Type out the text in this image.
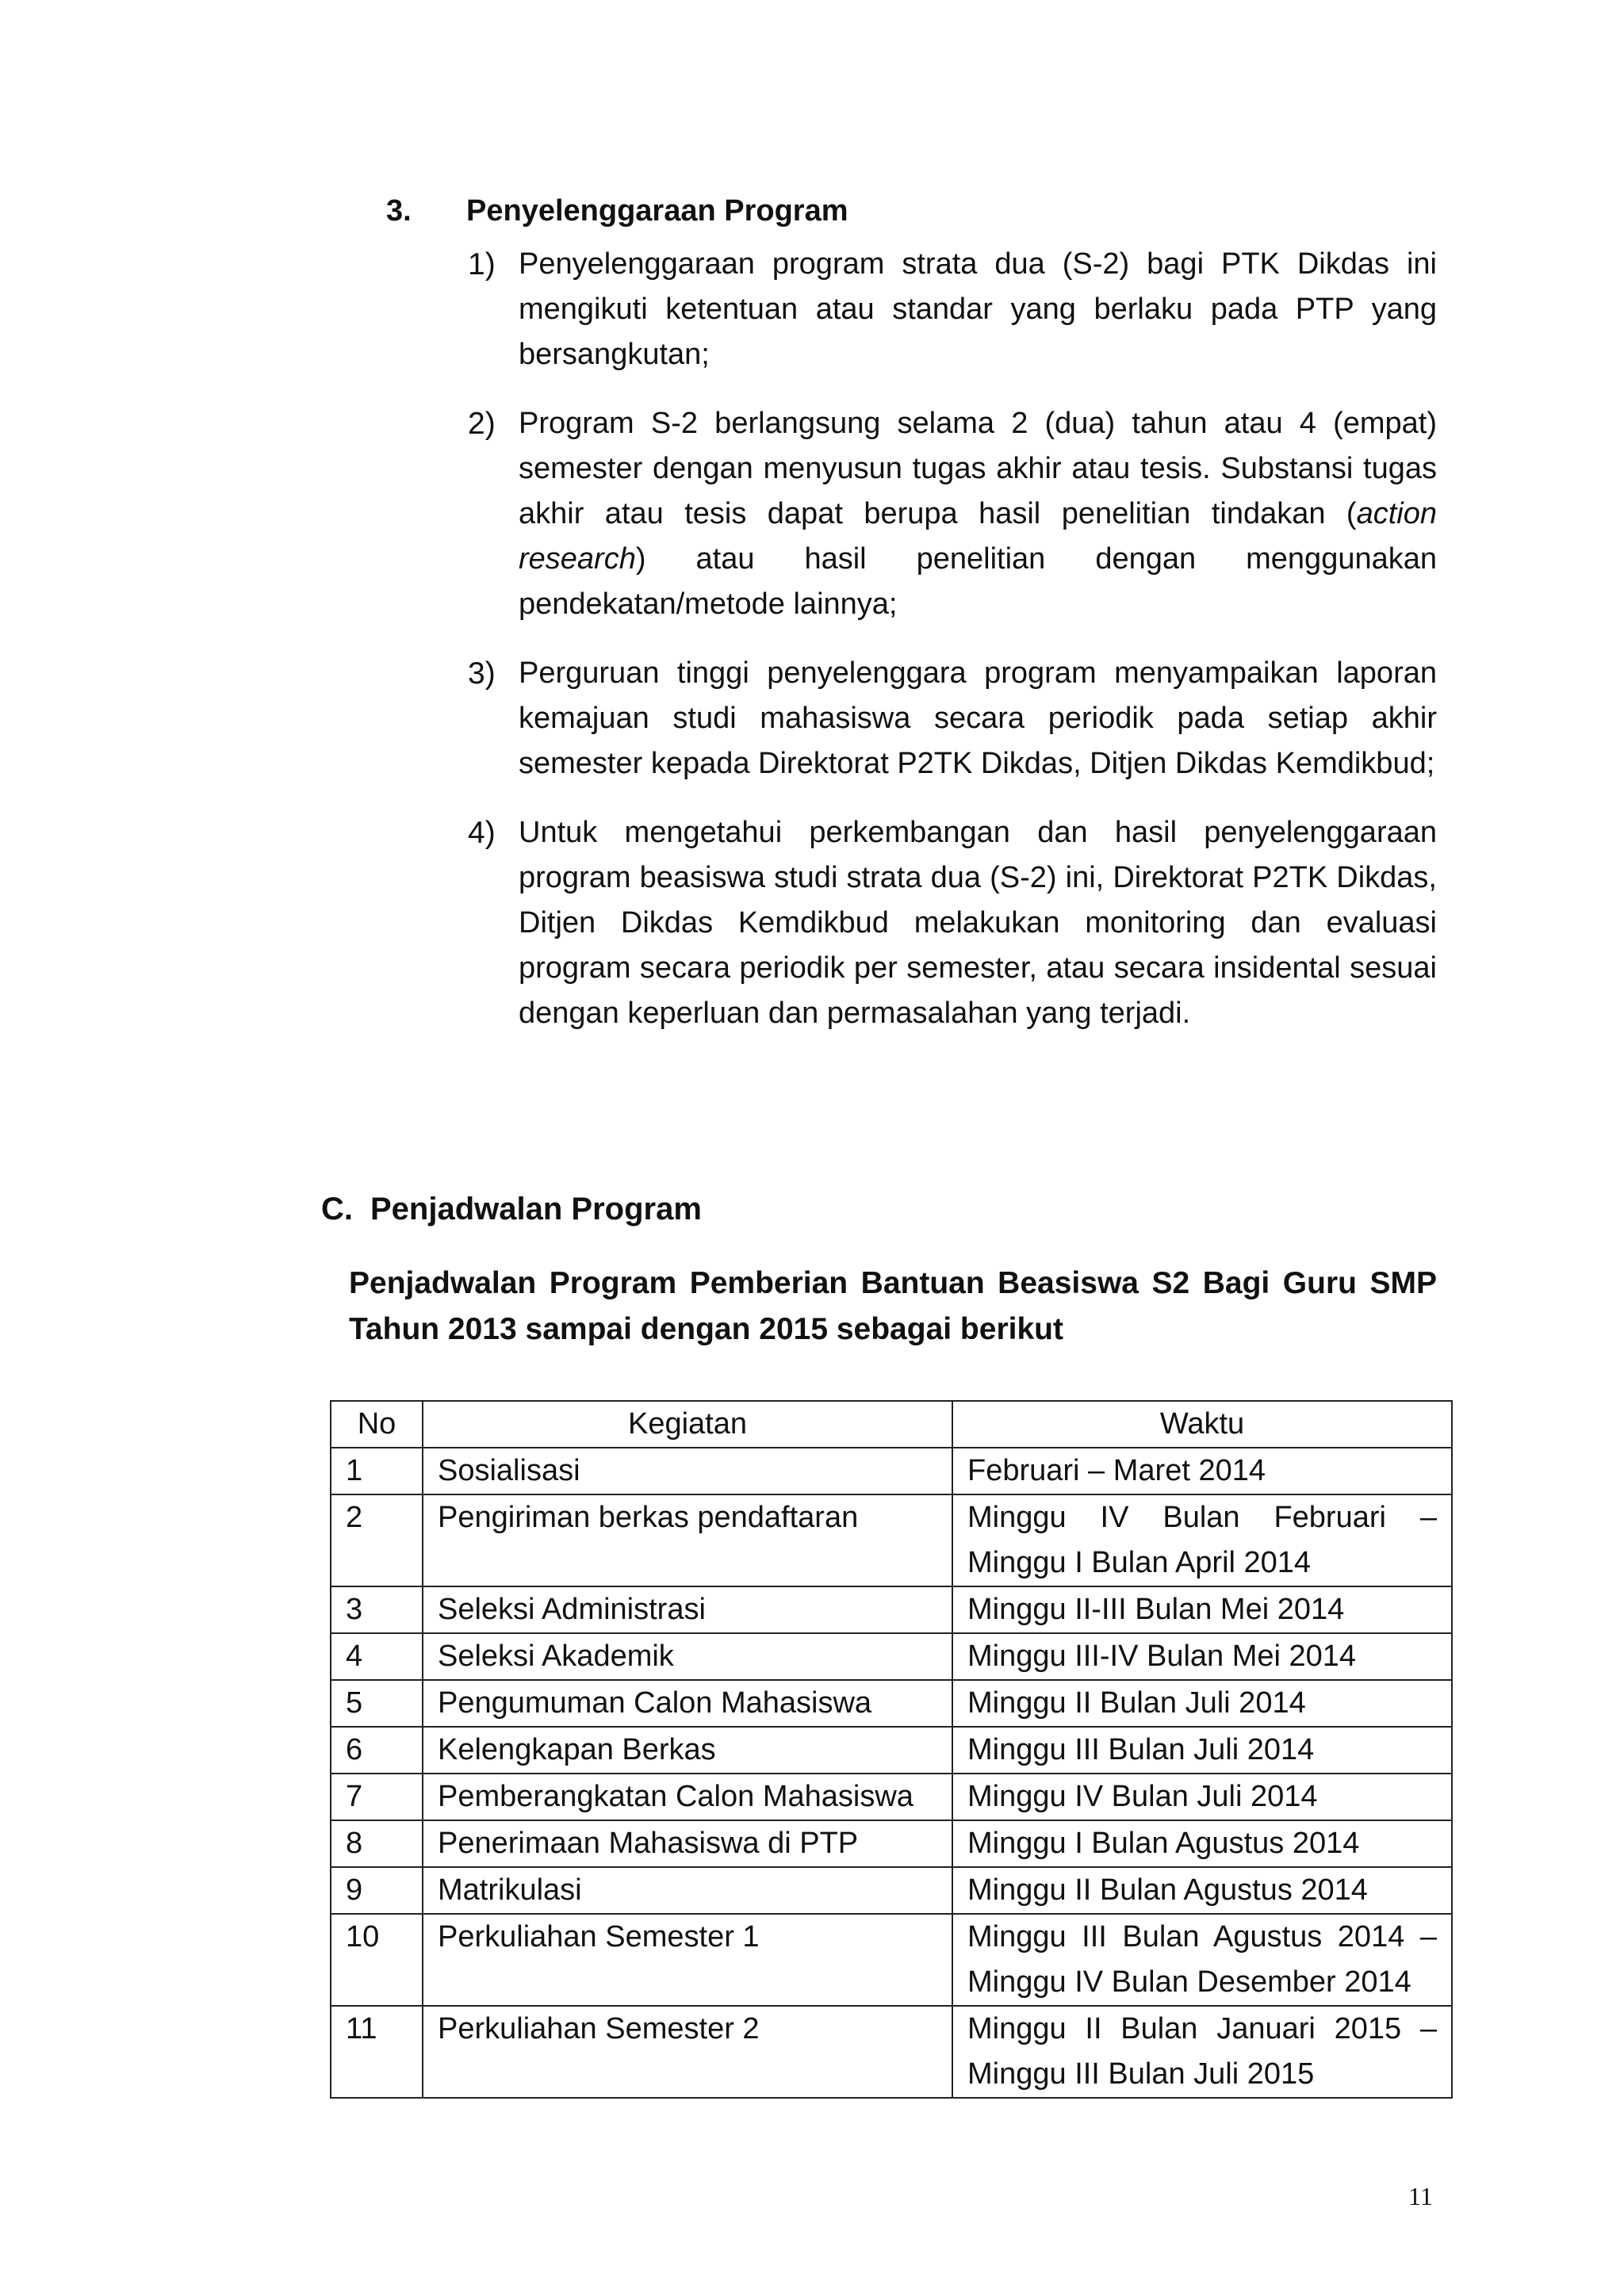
3. Penyelenggaraan Program
1) Penyelenggaraan program strata dua (S-2) bagi PTK Dikdas ini mengikuti ketentuan atau standar yang berlaku pada PTP yang bersangkutan;
2) Program S-2 berlangsung selama 2 (dua) tahun atau 4 (empat) semester dengan menyusun tugas akhir atau tesis. Substansi tugas akhir atau tesis dapat berupa hasil penelitian tindakan (action research) atau hasil penelitian dengan menggunakan pendekatan/metode lainnya;
3) Perguruan tinggi penyelenggara program menyampaikan laporan kemajuan studi mahasiswa secara periodik pada setiap akhir semester kepada Direktorat P2TK Dikdas, Ditjen Dikdas Kemdikbud;
4) Untuk mengetahui perkembangan dan hasil penyelenggaraan program beasiswa studi strata dua (S-2) ini, Direktorat P2TK Dikdas, Ditjen Dikdas Kemdikbud melakukan monitoring dan evaluasi program secara periodik per semester, atau secara insidental sesuai dengan keperluan dan permasalahan yang terjadi.
C. Penjadwalan Program
Penjadwalan Program Pemberian Bantuan Beasiswa S2 Bagi Guru SMP Tahun 2013 sampai dengan 2015 sebagai berikut
No	Kegiatan	Waktu
1	Sosialisasi	Februari – Maret 2014
2	Pengiriman berkas pendaftaran	Minggu IV Bulan Februari – Minggu I Bulan April 2014
3	Seleksi Administrasi	Minggu II-III Bulan Mei 2014
4	Seleksi Akademik	Minggu III-IV Bulan Mei 2014
5	Pengumuman Calon Mahasiswa	Minggu II Bulan Juli 2014
6	Kelengkapan Berkas	Minggu III Bulan Juli 2014
7	Pemberangkatan Calon Mahasiswa	Minggu IV Bulan Juli 2014
8	Penerimaan Mahasiswa di PTP	Minggu I Bulan Agustus 2014
9	Matrikulasi	Minggu II Bulan Agustus 2014
10	Perkuliahan Semester 1	Minggu III Bulan Agustus 2014 – Minggu IV Bulan Desember 2014
11	Perkuliahan Semester 2	Minggu II Bulan Januari 2015 – Minggu III Bulan Juli 2015
11
